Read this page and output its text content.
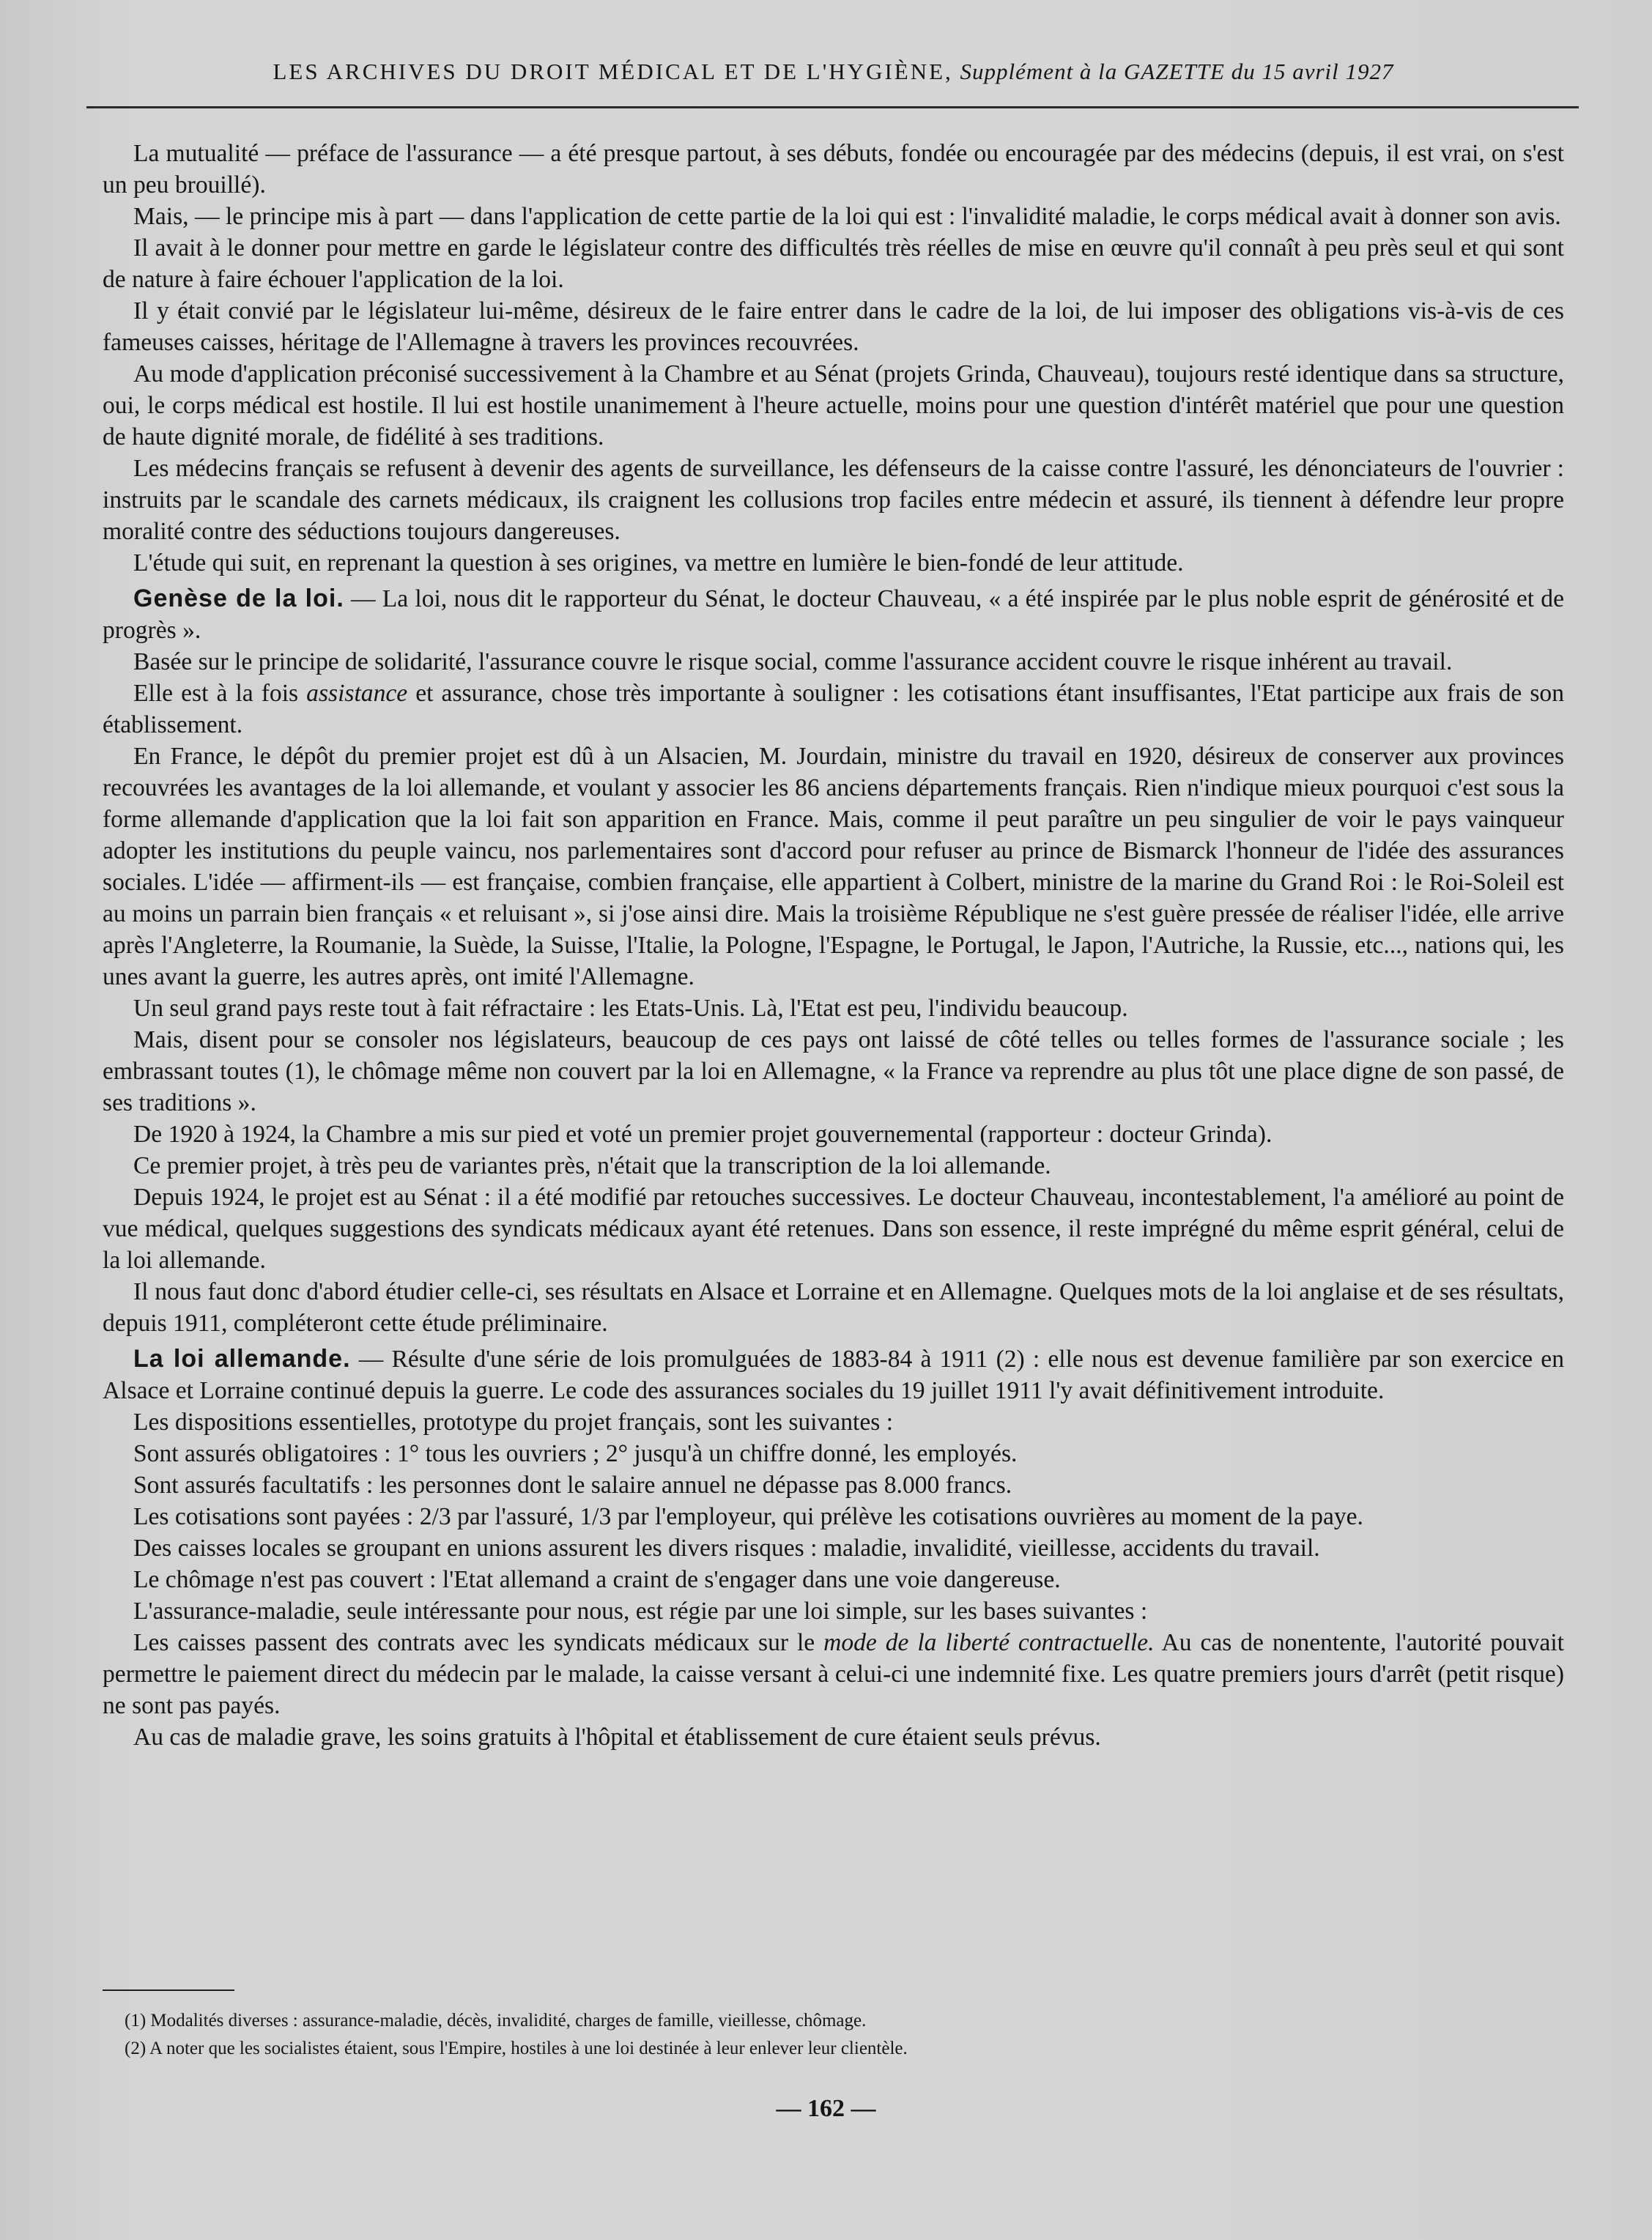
LES ARCHIVES DU DROIT MÉDICAL ET DE L'HYGIÈNE, Supplément à la GAZETTE du 15 avril 1927

La mutualité — préface de l'assurance — a été presque partout, à ses débuts, fondée ou encouragée par des médecins (depuis, il est vrai, on s'est un peu brouillé).

Mais, — le principe mis à part — dans l'application de cette partie de la loi qui est : l'invalidité maladie, le corps médical avait à donner son avis.

Il avait à le donner pour mettre en garde le législateur contre des difficultés très réelles de mise en œuvre qu'il connaît à peu près seul et qui sont de nature à faire échouer l'application de la loi.

Il y était convié par le législateur lui-même, désireux de le faire entrer dans le cadre de la loi, de lui imposer des obligations vis-à-vis de ces fameuses caisses, héritage de l'Allemagne à travers les provinces recouvrées.

Au mode d'application préconisé successivement à la Chambre et au Sénat (projets Grinda, Chauveau), toujours resté identique dans sa structure, oui, le corps médical est hostile. Il lui est hostile unanimement à l'heure actuelle, moins pour une question d'intérêt matériel que pour une question de haute dignité morale, de fidélité à ses traditions.

Les médecins français se refusent à devenir des agents de surveillance, les défenseurs de la caisse contre l'assuré, les dénonciateurs de l'ouvrier : instruits par le scandale des carnets médicaux, ils craignent les collusions trop faciles entre médecin et assuré, ils tiennent à défendre leur propre moralité contre des séductions toujours dangereuses.

L'étude qui suit, en reprenant la question à ses origines, va mettre en lumière le bien-fondé de leur attitude.

Genèse de la loi. — La loi, nous dit le rapporteur du Sénat, le docteur Chauveau, « a été inspirée par le plus noble esprit de générosité et de progrès ».

Basée sur le principe de solidarité, l'assurance couvre le risque social, comme l'assurance accident couvre le risque inhérent au travail.

Elle est à la fois assistance et assurance, chose très importante à souligner : les cotisations étant insuffisantes, l'Etat participe aux frais de son établissement.

En France, le dépôt du premier projet est dû à un Alsacien, M. Jourdain, ministre du travail en 1920, désireux de conserver aux provinces recouvrées les avantages de la loi allemande, et voulant y associer les 86 anciens départements français. Rien n'indique mieux pourquoi c'est sous la forme allemande d'application que la loi fait son apparition en France. Mais, comme il peut paraître un peu singulier de voir le pays vainqueur adopter les institutions du peuple vaincu, nos parlementaires sont d'accord pour refuser au prince de Bismarck l'honneur de l'idée des assurances sociales. L'idée — affirment-ils — est française, combien française, elle appartient à Colbert, ministre de la marine du Grand Roi : le Roi-Soleil est au moins un parrain bien français « et reluisant », si j'ose ainsi dire. Mais la troisième République ne s'est guère pressée de réaliser l'idée, elle arrive après l'Angleterre, la Roumanie, la Suède, la Suisse, l'Italie, la Pologne, l'Espagne, le Portugal, le Japon, l'Autriche, la Russie, etc..., nations qui, les unes avant la guerre, les autres après, ont imité l'Allemagne.

Un seul grand pays reste tout à fait réfractaire : les Etats-Unis. Là, l'Etat est peu, l'individu beaucoup.

Mais, disent pour se consoler nos législateurs, beaucoup de ces pays ont laissé de côté telles ou telles formes de l'assurance sociale ; les embrassant toutes (1), le chômage même non couvert par la loi en Allemagne, « la France va reprendre au plus tôt une place digne de son passé, de ses traditions ».

De 1920 à 1924, la Chambre a mis sur pied et voté un premier projet gouvernemental (rapporteur : docteur Grinda).

Ce premier projet, à très peu de variantes près, n'était que la transcription de la loi allemande.

Depuis 1924, le projet est au Sénat : il a été modifié par retouches successives. Le docteur Chauveau, incontestablement, l'a amélioré au point de vue médical, quelques suggestions des syndicats médicaux ayant été retenues. Dans son essence, il reste imprégné du même esprit général, celui de la loi allemande.

Il nous faut donc d'abord étudier celle-ci, ses résultats en Alsace et Lorraine et en Allemagne. Quelques mots de la loi anglaise et de ses résultats, depuis 1911, compléteront cette étude préliminaire.

La loi allemande. — Résulte d'une série de lois promulguées de 1883-84 à 1911 (2) : elle nous est devenue familière par son exercice en Alsace et Lorraine continué depuis la guerre. Le code des assurances sociales du 19 juillet 1911 l'y avait définitivement introduite.

Les dispositions essentielles, prototype du projet français, sont les suivantes :

Sont assurés obligatoires : 1° tous les ouvriers ; 2° jusqu'à un chiffre donné, les employés.

Sont assurés facultatifs : les personnes dont le salaire annuel ne dépasse pas 8.000 francs.

Les cotisations sont payées : 2/3 par l'assuré, 1/3 par l'employeur, qui prélève les cotisations ouvrières au moment de la paye.

Des caisses locales se groupant en unions assurent les divers risques : maladie, invalidité, vieillesse, accidents du travail.

Le chômage n'est pas couvert : l'Etat allemand a craint de s'engager dans une voie dangereuse.

L'assurance-maladie, seule intéressante pour nous, est régie par une loi simple, sur les bases suivantes :

Les caisses passent des contrats avec les syndicats médicaux sur le mode de la liberté contractuelle. Au cas de nonentente, l'autorité pouvait permettre le paiement direct du médecin par le malade, la caisse versant à celui-ci une indemnité fixe. Les quatre premiers jours d'arrêt (petit risque) ne sont pas payés.

Au cas de maladie grave, les soins gratuits à l'hôpital et établissement de cure étaient seuls prévus.

(1) Modalités diverses : assurance-maladie, décès, invalidité, charges de famille, vieillesse, chômage.

(2) A noter que les socialistes étaient, sous l'Empire, hostiles à une loi destinée à leur enlever leur clientèle.

— 162 —
